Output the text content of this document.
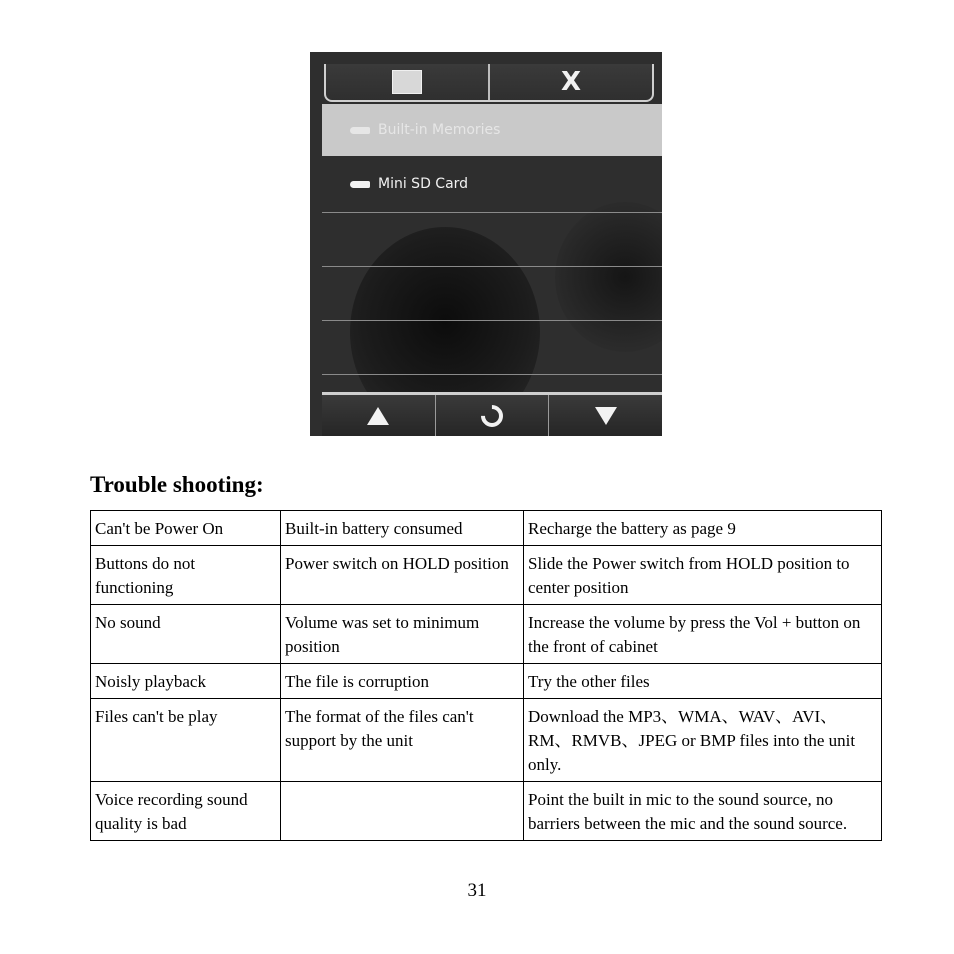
X
Built-in Memories
Mini SD Card
Trouble shooting:
Can't be Power On	Built-in battery consumed	Recharge the battery as page 9
Buttons do not functioning	Power switch on HOLD position	Slide the Power switch from HOLD position to center position
No sound	Volume was set to minimum position	Increase the volume by press the Vol + button on the front of cabinet
Noisly playback	The file is corruption	Try the other files
Files can't be play	The format of the files can't support by the unit	Download the MP3、WMA、WAV、AVI、RM、RMVB、JPEG or BMP files into the unit only.
Voice recording sound quality is bad		Point the built in mic to the sound source, no barriers between the mic and the sound source.
31
